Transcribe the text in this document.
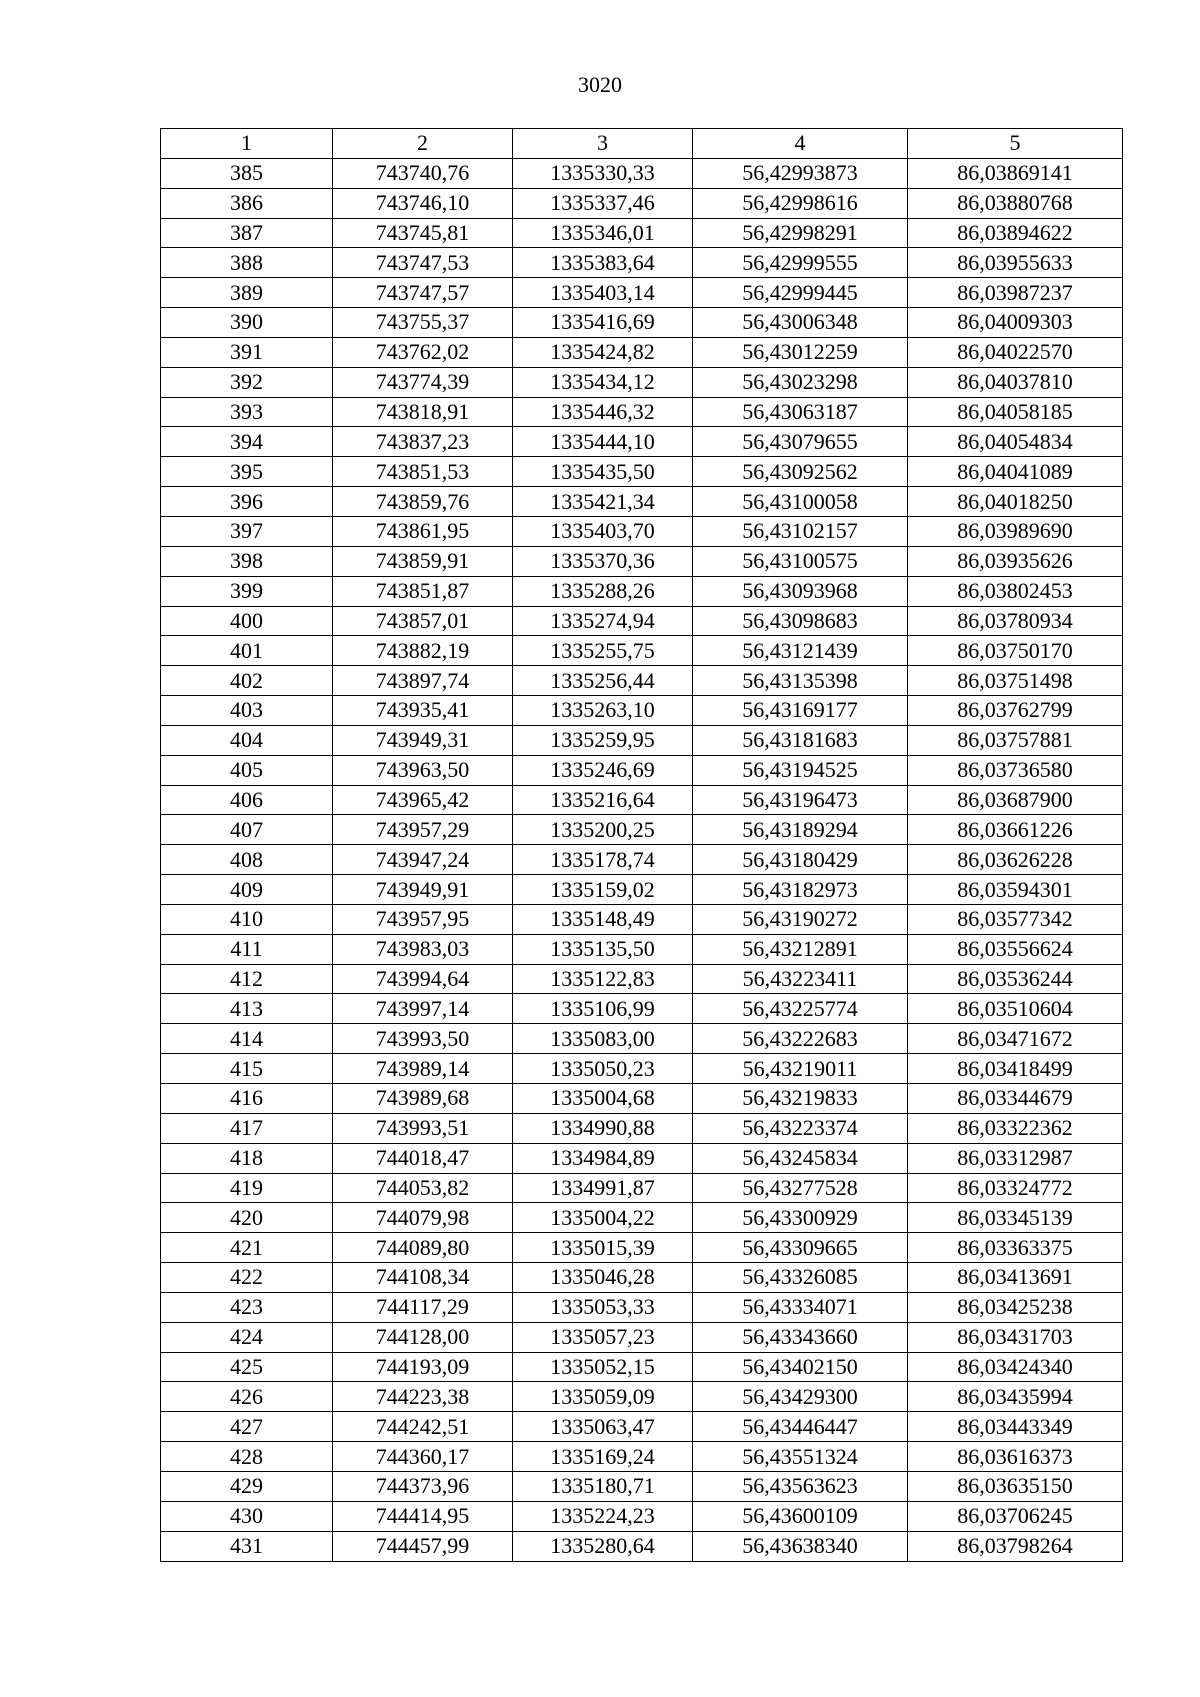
3020
1	2	3	4	5
385	743740,76	1335330,33	56,42993873	86,03869141
386	743746,10	1335337,46	56,42998616	86,03880768
387	743745,81	1335346,01	56,42998291	86,03894622
388	743747,53	1335383,64	56,42999555	86,03955633
389	743747,57	1335403,14	56,42999445	86,03987237
390	743755,37	1335416,69	56,43006348	86,04009303
391	743762,02	1335424,82	56,43012259	86,04022570
392	743774,39	1335434,12	56,43023298	86,04037810
393	743818,91	1335446,32	56,43063187	86,04058185
394	743837,23	1335444,10	56,43079655	86,04054834
395	743851,53	1335435,50	56,43092562	86,04041089
396	743859,76	1335421,34	56,43100058	86,04018250
397	743861,95	1335403,70	56,43102157	86,03989690
398	743859,91	1335370,36	56,43100575	86,03935626
399	743851,87	1335288,26	56,43093968	86,03802453
400	743857,01	1335274,94	56,43098683	86,03780934
401	743882,19	1335255,75	56,43121439	86,03750170
402	743897,74	1335256,44	56,43135398	86,03751498
403	743935,41	1335263,10	56,43169177	86,03762799
404	743949,31	1335259,95	56,43181683	86,03757881
405	743963,50	1335246,69	56,43194525	86,03736580
406	743965,42	1335216,64	56,43196473	86,03687900
407	743957,29	1335200,25	56,43189294	86,03661226
408	743947,24	1335178,74	56,43180429	86,03626228
409	743949,91	1335159,02	56,43182973	86,03594301
410	743957,95	1335148,49	56,43190272	86,03577342
411	743983,03	1335135,50	56,43212891	86,03556624
412	743994,64	1335122,83	56,43223411	86,03536244
413	743997,14	1335106,99	56,43225774	86,03510604
414	743993,50	1335083,00	56,43222683	86,03471672
415	743989,14	1335050,23	56,43219011	86,03418499
416	743989,68	1335004,68	56,43219833	86,03344679
417	743993,51	1334990,88	56,43223374	86,03322362
418	744018,47	1334984,89	56,43245834	86,03312987
419	744053,82	1334991,87	56,43277528	86,03324772
420	744079,98	1335004,22	56,43300929	86,03345139
421	744089,80	1335015,39	56,43309665	86,03363375
422	744108,34	1335046,28	56,43326085	86,03413691
423	744117,29	1335053,33	56,43334071	86,03425238
424	744128,00	1335057,23	56,43343660	86,03431703
425	744193,09	1335052,15	56,43402150	86,03424340
426	744223,38	1335059,09	56,43429300	86,03435994
427	744242,51	1335063,47	56,43446447	86,03443349
428	744360,17	1335169,24	56,43551324	86,03616373
429	744373,96	1335180,71	56,43563623	86,03635150
430	744414,95	1335224,23	56,43600109	86,03706245
431	744457,99	1335280,64	56,43638340	86,03798264
